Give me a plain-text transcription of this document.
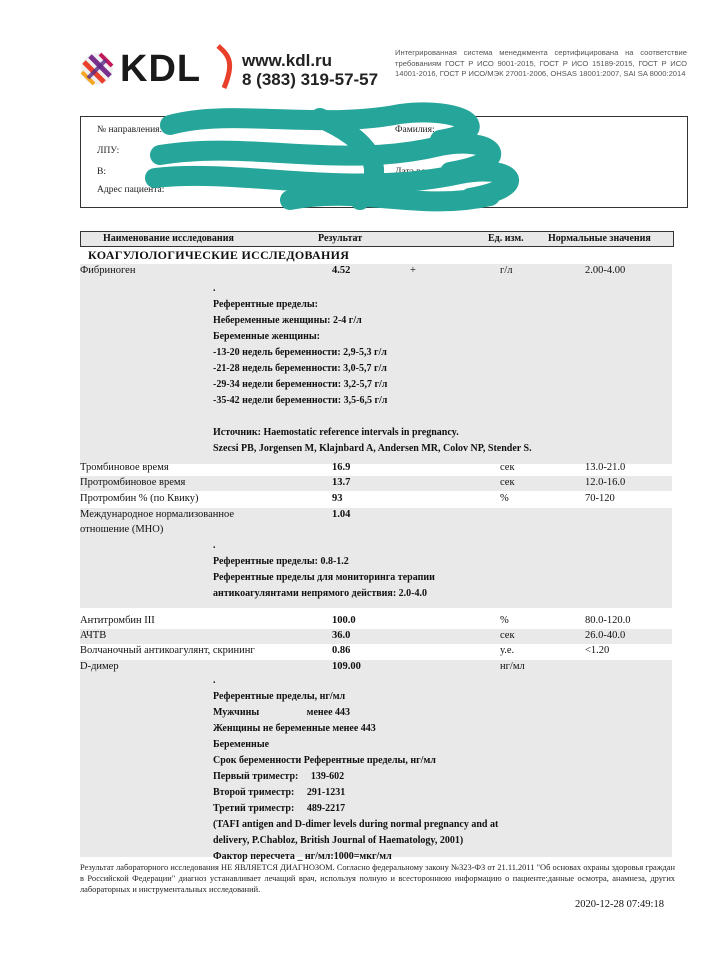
KDL www.kdl.ru
8 (383) 319-57-57
Интегрированная система менеджмента сертифицирована на соответствие требованиям ГОСТ Р ИСО 9001-2015, ГОСТ Р ИСО 15189-2015, ГОСТ Р ИСО 14001-2016, ГОСТ Р ИСО/МЭК 27001-2006, OHSAS 18001:2007, SAI SA 8000:2014
№ направления:
ЛПУ:
В:	12:00
Адрес пациента:
Фамилия:
Имя:
Дата рождения:
Пол:
Наименование исследования	Результат	Ед. изм. Нормальные значения
КОАГУЛОЛОГИЧЕСКИЕ ИССЛЕДОВАНИЯ
Фибриноген	4.52	+	г/л	2.00-4.00
.
Референтные пределы:
Небеременные женщины: 2-4 г/л
Беременные женщины:
-13-20 недель беременности: 2,9-5,3 г/л
-21-28 недель беременности: 3,0-5,7 г/л
-29-34 недели беременности: 3,2-5,7 г/л
-35-42 недели беременности: 3,5-6,5 г/л
Источник: Haemostatic reference intervals in pregnancy.
Szecsi PB, Jorgensen M, Klajnbard A, Andersen MR, Colov NP, Stender S.
Тромбиновое время	16.9	сек	13.0-21.0
Протромбиновое время	13.7	сек	12.0-16.0
Протромбин % (по Квику)	93	%	70-120
Международное нормализованное
отношение (МНО)
1.04
.
Референтные пределы: 0.8-1.2
Референтные пределы для мониторинга терапии
антикоагулянтами непрямого действия: 2.0-4.0
Антитромбин III	100.0	%	80.0-120.0
АЧТВ	36.0	сек	26.0-40.0
Волчаночный антикоагулянт, скрининг	0.86	у.е.	<1.20
D-димер	109.00	нг/мл
.
Референтные пределы, нг/мл
Мужчины                   менее 443
Женщины не беременные менее 443
Беременные
Срок беременности Референтные пределы, нг/мл
Первый триместр:     139-602
Второй триместр:     291-1231
Третий триместр:     489-2217
(TAFI antigen and D-dimer levels during normal pregnancy and at
delivery, P.Chabloz, British Journal of Haematology, 2001)
Фактор пересчета _ нг/мл:1000=мкг/мл
Результат лабораторного исследования НЕ ЯВЛЯЕТСЯ ДИАГНОЗОМ. Согласно федеральному закону №323-ФЗ от 21.11.2011 "Об основах охраны здоровья граждан в Российской Федерации" диагноз устанавливает лечащий врач, используя полную и всестороннюю информацию о пациенте:данные осмотра, анамнеза, других лабораторных и инструментальных исследований.
2020-12-28 07:49:18
